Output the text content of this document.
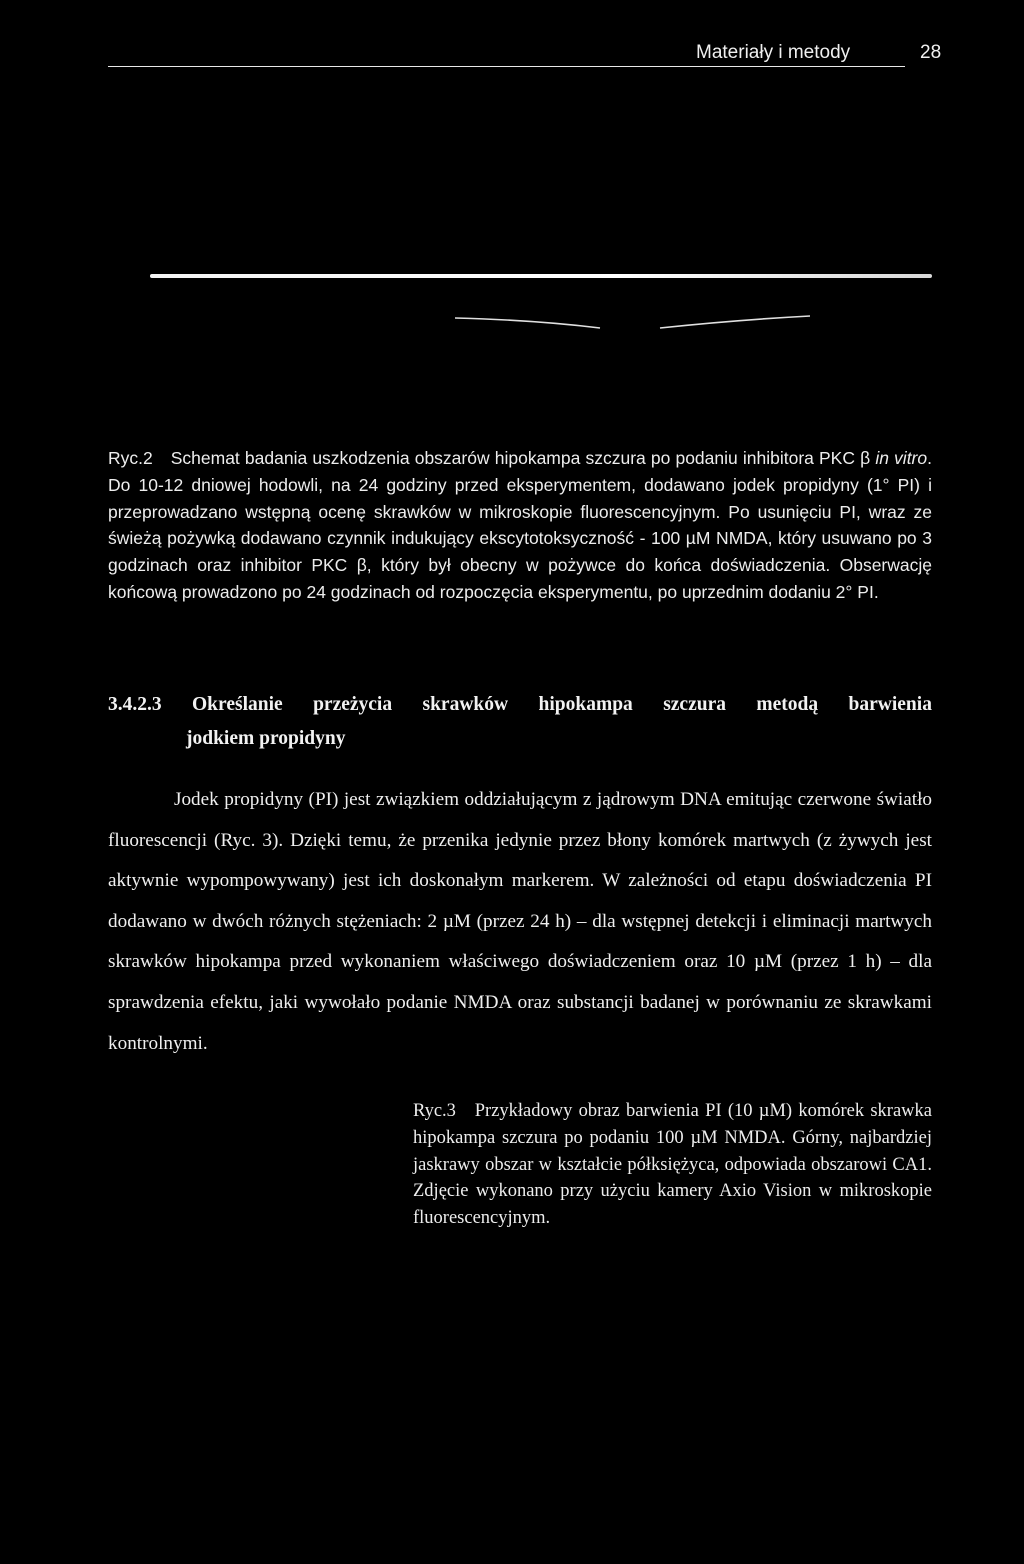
Materiały i metody	28

Ryc.2 Schemat badania uszkodzenia obszarów hipokampa szczura po podaniu inhibitora PKC β in vitro. Do 10-12 dniowej hodowli, na 24 godziny przed eksperymentem, dodawano jodek propidyny (1° PI) i przeprowadzano wstępną ocenę skrawków w mikroskopie fluorescencyjnym. Po usunięciu PI, wraz ze świeżą pożywką dodawano czynnik indukujący ekscytotoksyczność - 100 µM NMDA, który usuwano po 3 godzinach oraz inhibitor PKC β, który był obecny w pożywce do końca doświadczenia. Obserwację końcową prowadzono po 24 godzinach od rozpoczęcia eksperymentu, po uprzednim dodaniu 2° PI.

3.4.2.3 Określanie przeżycia skrawków hipokampa szczura metodą barwienia
jodkiem propidyny

Jodek propidyny (PI) jest związkiem oddziałującym z jądrowym DNA emitując czerwone światło fluorescencji (Ryc. 3). Dzięki temu, że przenika jedynie przez błony komórek martwych (z żywych jest aktywnie wypompowywany) jest ich doskonałym markerem. W zależności od etapu doświadczenia PI dodawano w dwóch różnych stężeniach: 2 µM (przez 24 h) – dla wstępnej detekcji i eliminacji martwych skrawków hipokampa przed wykonaniem właściwego doświadczeniem oraz 10 µM (przez 1 h) – dla sprawdzenia efektu, jaki wywołało podanie NMDA oraz substancji badanej w porównaniu ze skrawkami kontrolnymi.

Ryc.3 Przykładowy obraz barwienia PI (10 µM) komórek skrawka hipokampa szczura po podaniu 100 µM NMDA. Górny, najbardziej jaskrawy obszar w kształcie półksiężyca, odpowiada obszarowi CA1. Zdjęcie wykonano przy użyciu kamery Axio Vision w mikroskopie fluorescencyjnym.
